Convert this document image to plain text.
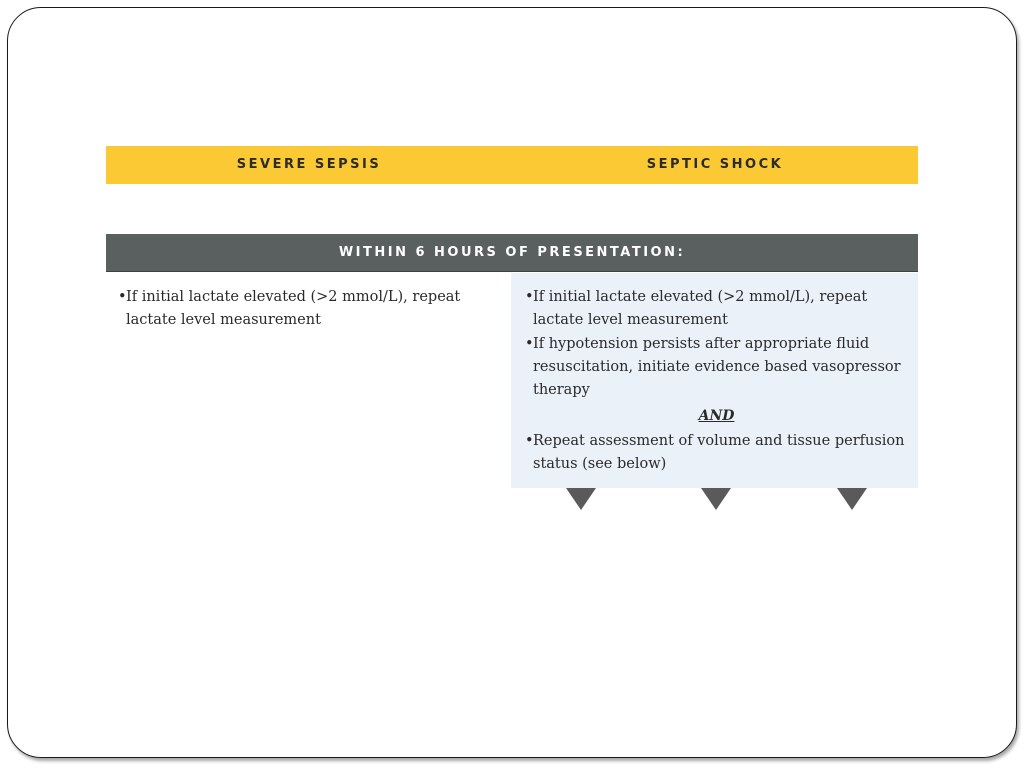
SEVERE SEPSIS	SEPTIC SHOCK
WITHIN 6 HOURS OF PRESENTATION:
• If initial lactate elevated (>2 mmol/L), repeat lactate level measurement
• If initial lactate elevated (>2 mmol/L), repeat lactate level measurement
• If hypotension persists after appropriate fluid resuscitation, initiate evidence based vasopressor therapy
AND
• Repeat assessment of volume and tissue perfusion status (see below)
